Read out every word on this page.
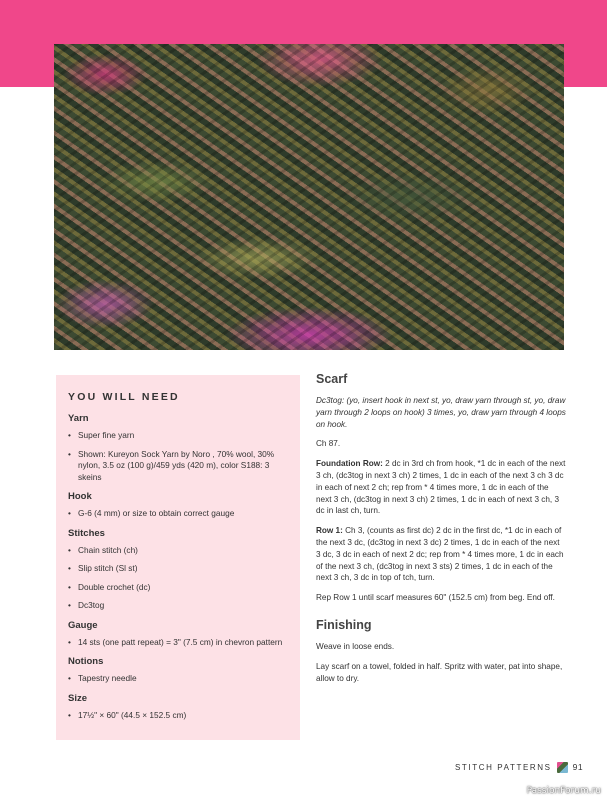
YOU WILL NEED
Yarn
• Super fine yarn
• Shown: Kureyon Sock Yarn by Noro , 70% wool, 30% nylon, 3.5 oz (100 g)/459 yds (420 m), color S188: 3 skeins
Hook
• G-6 (4 mm) or size to obtain correct gauge
Stitches
• Chain stitch (ch)
• Slip stitch (Sl st)
• Double crochet (dc)
• Dc3tog
Gauge
• 14 sts (one patt repeat) = 3" (7.5 cm) in chevron pattern
Notions
• Tapestry needle
Size
• 17½" × 60" (44.5 × 152.5 cm)
Scarf

Dc3tog: (yo, insert hook in next st, yo, draw yarn through st, yo, draw yarn through 2 loops on hook) 3 times, yo, draw yarn through 4 loops on hook.

Ch 87.

Foundation Row: 2 dc in 3rd ch from hook, *1 dc in each of the next 3 ch, (dc3tog in next 3 ch) 2 times, 1 dc in each of the next 3 ch 3 dc in each of next 2 ch; rep from * 4 times more, 1 dc in each of the next 3 ch, (dc3tog in next 3 ch) 2 times, 1 dc in each of next 3 ch, 3 dc in last ch, turn.

Row 1: Ch 3, (counts as first dc) 2 dc in the first dc, *1 dc in each of the next 3 dc, (dc3tog in next 3 dc) 2 times, 1 dc in each of the next 3 dc, 3 dc in each of next 2 dc; rep from * 4 times more, 1 dc in each of the next 3 ch, (dc3tog in next 3 sts) 2 times, 1 dc in each of the next 3 ch, 3 dc in top of tch, turn.

Rep Row 1 until scarf measures 60" (152.5 cm) from beg. End off.

Finishing

Weave in loose ends.

Lay scarf on a towel, folded in half. Spritz with water, pat into shape, allow to dry.

STITCH PATTERNS 91
PassionForum.ru
